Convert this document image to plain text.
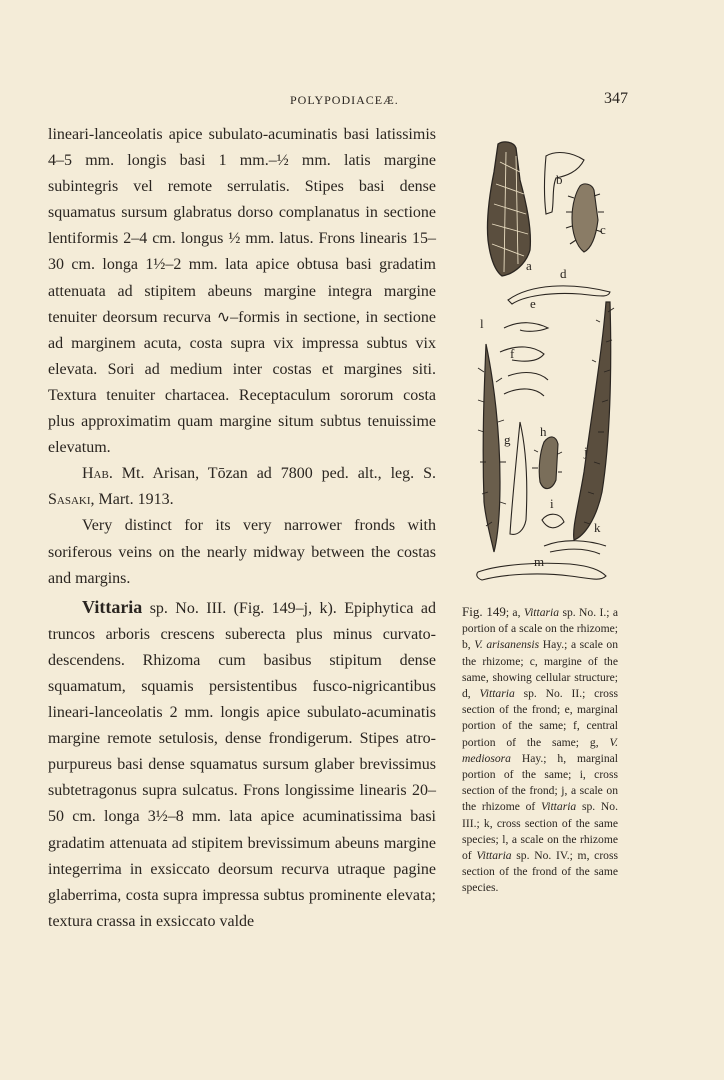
POLYPODIACEÆ.	347

lineari-lanceolatis apice subulato-acuminatis basi latissimis 4–5 mm. longis basi 1 mm.–½ mm. latis margine subintegris vel remote serrulatis. Stipes basi dense squamatus sursum glabratus dorso complanatus in sectione lentiformis 2–4 cm. longus ½ mm. latus. Frons linearis 15–30 cm. longa 1½–2 mm. lata apice obtusa basi gradatim attenuata ad stipitem abeuns margine integra margine tenuiter deorsum recurva ∿–formis in sectione, in sectione ad marginem acuta, costa supra vix impressa subtus vix elevata. Sori ad medium inter costas et margines siti. Textura tenuiter chartacea. Receptaculum sororum costa plus approximatim quam margine situm subtus tenuissime elevatum.

Hab. Mt. Arisan, Tōzan ad 7800 ped. alt., leg. S. Sasaki, Mart. 1913.

Very distinct for its very narrower fronds with soriferous veins on the nearly midway between the costas and margins.

Vittaria sp. No. III. (Fig. 149–j, k). Epiphytica ad truncos arboris crescens suberecta plus minus curvato-descendens. Rhizoma cum basibus stipitum dense squamatum, squamis persistentibus fusco-nigricantibus lineari-lanceolatis 2 mm. longis apice subulato-acuminatis margine remote setulosis, dense frondigerum. Stipes atro-purpureus basi dense squamatus sursum glaber brevissimus subtetragonus supra sulcatus. Frons longissime linearis 20–50 cm. longa 3½–8 mm. lata apice acuminatissima basi gradatim attenuata ad stipitem brevissimum abeuns margine integerrima in exsiccato deorsum recurva utraque pagine glaberrima, costa supra impressa subtus prominente elevata; textura crassa in exsiccato valde

a
b
c
d
e
f
g
h
i
j
k
l
m

Fig. 149; a, Vittaria sp. No. I.; a portion of a scale on the rhizome; b, V. arisanensis Hay.; a scale on the rhizome; c, margine of the same, showing cellular structure; d, Vittaria sp. No. II.; cross section of the frond; e, marginal portion of the same; f, central portion of the same; g, V. mediosora Hay.; h, marginal portion of the same; i, cross section of the frond; j, a scale on the rhizome of Vittaria sp. No. III.; k, cross section of the same species; l, a scale on the rhizome of Vittaria sp. No. IV.; m, cross section of the frond of the same species.
